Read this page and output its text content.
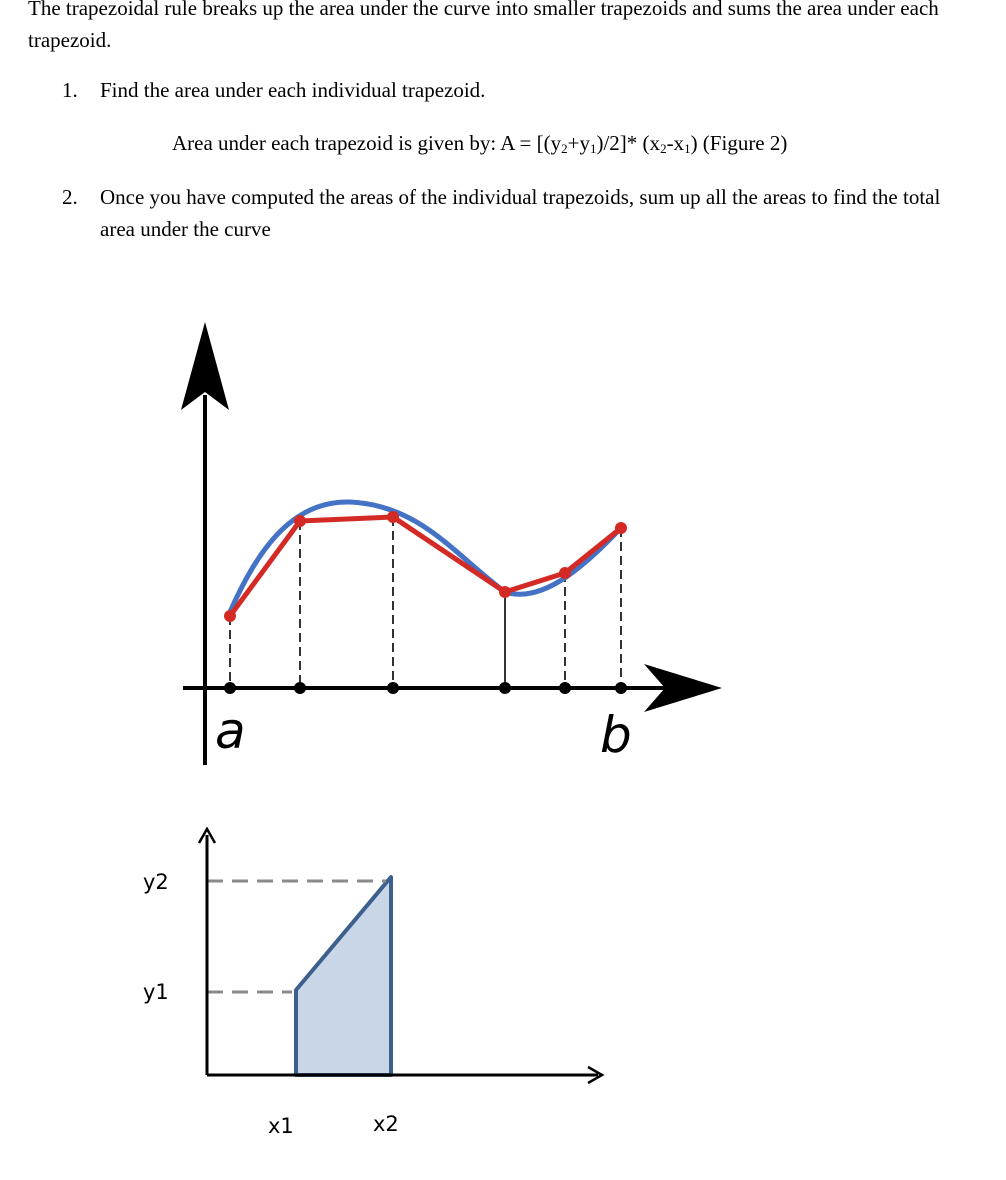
The trapezoidal rule breaks up the area under the curve into smaller trapezoids and sums the area under each trapezoid.
1. Find the area under each individual trapezoid.
Area under each trapezoid is given by: $A = [(y_2+y_1)/2]*$ $(x_2-x_1)$ (Figure 2)
2. Once you have computed the areas of the individual trapezoids, sum up all the areas to find the total area under the curve
a	b
y2
y1
x1	x2
